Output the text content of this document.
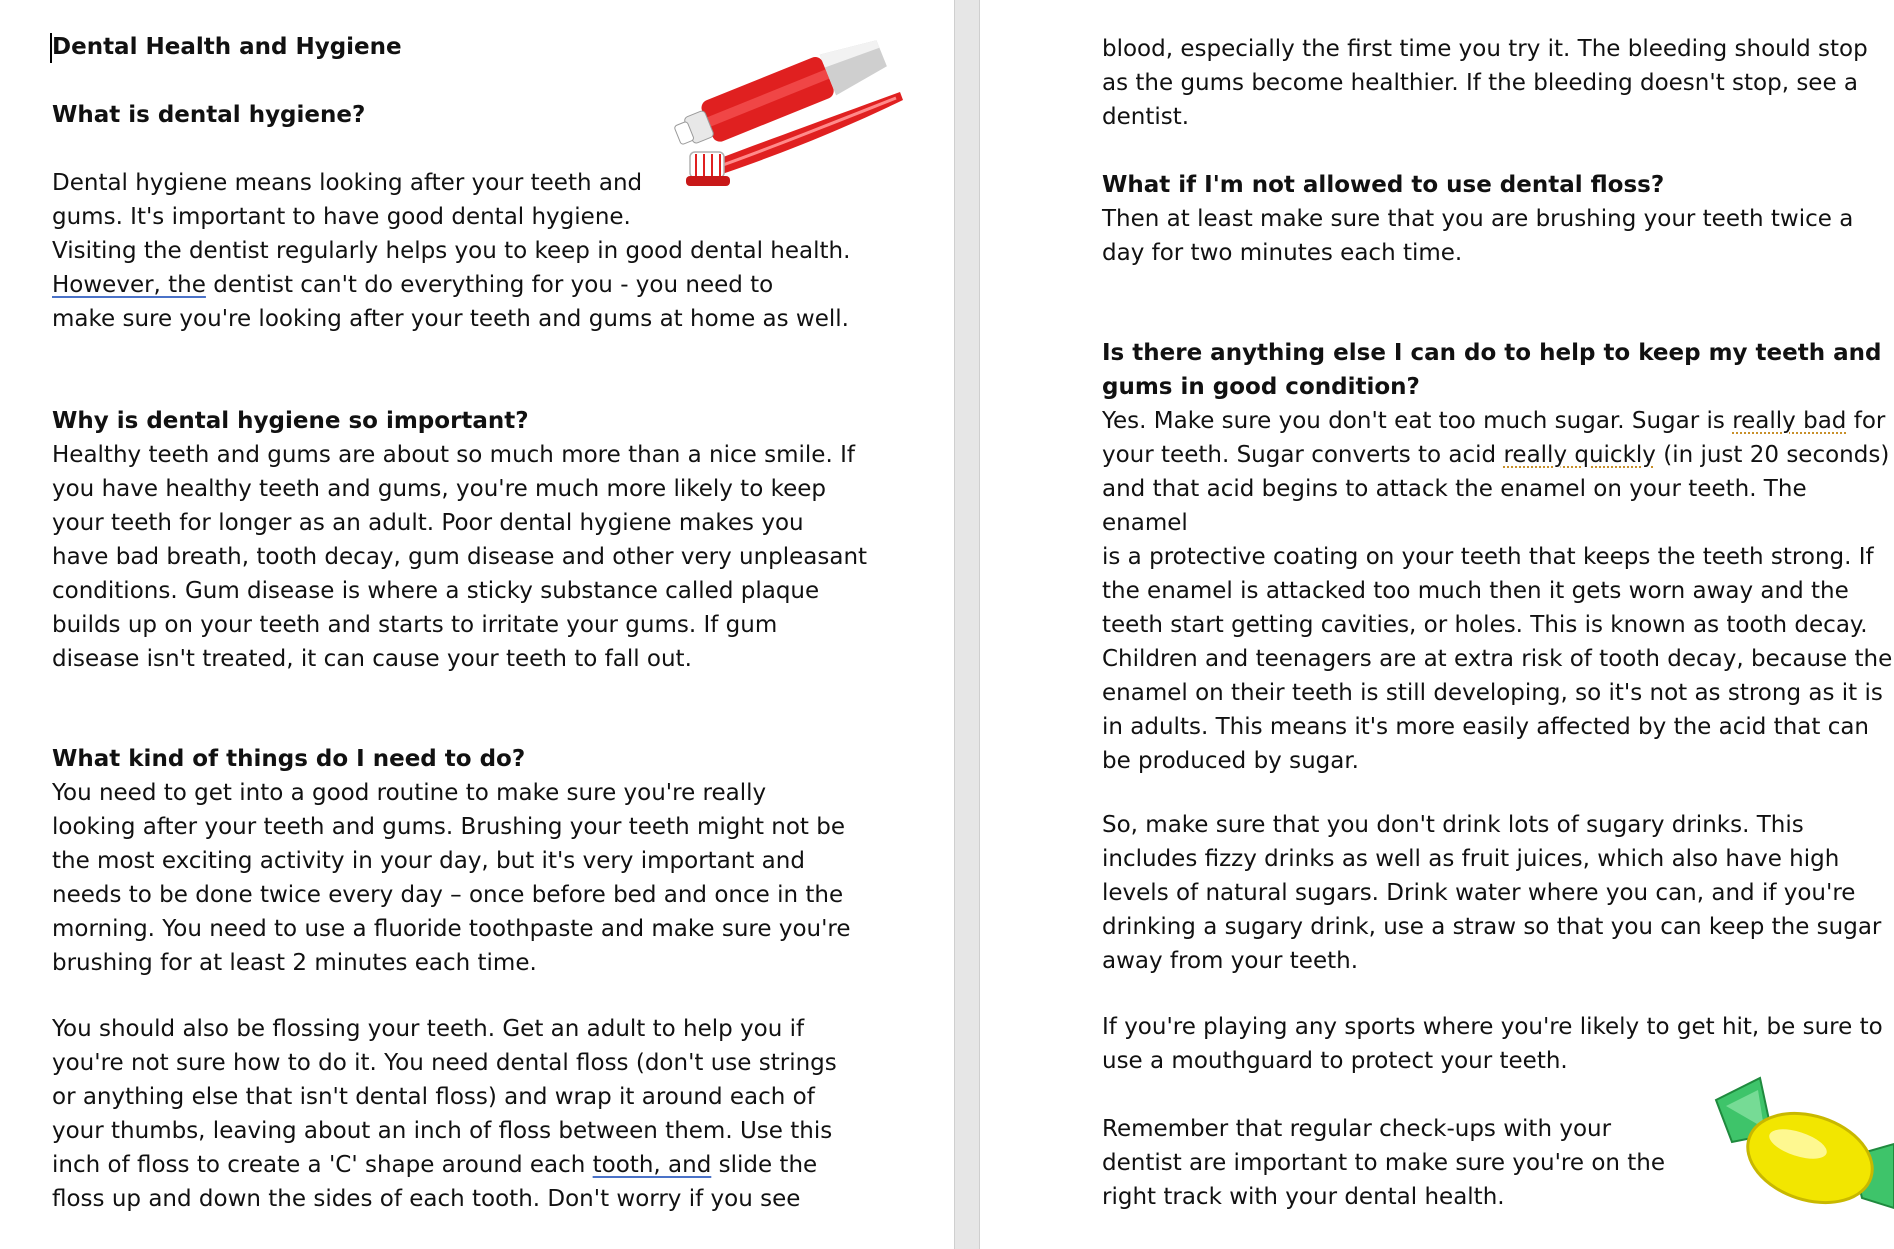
Dental Health and Hygiene

What is dental hygiene?

Dental hygiene means looking after your teeth and
gums. It's important to have good dental hygiene.
Visiting the dentist regularly helps you to keep in good dental health.
However, the dentist can't do everything for you - you need to
make sure you're looking after your teeth and gums at home as well.

Why is dental hygiene so important?

Healthy teeth and gums are about so much more than a nice smile. If
you have healthy teeth and gums, you're much more likely to keep
your teeth for longer as an adult. Poor dental hygiene makes you
have bad breath, tooth decay, gum disease and other very unpleasant
conditions. Gum disease is where a sticky substance called plaque
builds up on your teeth and starts to irritate your gums. If gum
disease isn't treated, it can cause your teeth to fall out.

What kind of things do I need to do?

You need to get into a good routine to make sure you're really
looking after your teeth and gums. Brushing your teeth might not be
the most exciting activity in your day, but it's very important and
needs to be done twice every day – once before bed and once in the
morning. You need to use a fluoride toothpaste and make sure you're
brushing for at least 2 minutes each time.

You should also be flossing your teeth. Get an adult to help you if
you're not sure how to do it. You need dental floss (don't use strings
or anything else that isn't dental floss) and wrap it around each of
your thumbs, leaving about an inch of floss between them. Use this
inch of floss to create a 'C' shape around each tooth, and slide the
floss up and down the sides of each tooth. Don't worry if you see

blood, especially the first time you try it. The bleeding should stop
as the gums become healthier. If the bleeding doesn't stop, see a
dentist.

What if I'm not allowed to use dental floss?

Then at least make sure that you are brushing your teeth twice a
day for two minutes each time.

Is there anything else I can do to help to keep my teeth and
gums in good condition?

Yes. Make sure you don't eat too much sugar. Sugar is really bad for
your teeth. Sugar converts to acid really quickly (in just 20 seconds)
and that acid begins to attack the enamel on your teeth. The enamel
is a protective coating on your teeth that keeps the teeth strong. If
the enamel is attacked too much then it gets worn away and the
teeth start getting cavities, or holes. This is known as tooth decay.

Children and teenagers are at extra risk of tooth decay, because the
enamel on their teeth is still developing, so it's not as strong as it is
in adults. This means it's more easily affected by the acid that can
be produced by sugar.

So, make sure that you don't drink lots of sugary drinks. This
includes fizzy drinks as well as fruit juices, which also have high
levels of natural sugars. Drink water where you can, and if you're
drinking a sugary drink, use a straw so that you can keep the sugar
away from your teeth.

If you're playing any sports where you're likely to get hit, be sure to
use a mouthguard to protect your teeth.

Remember that regular check-ups with your
dentist are important to make sure you're on the
right track with your dental health.
